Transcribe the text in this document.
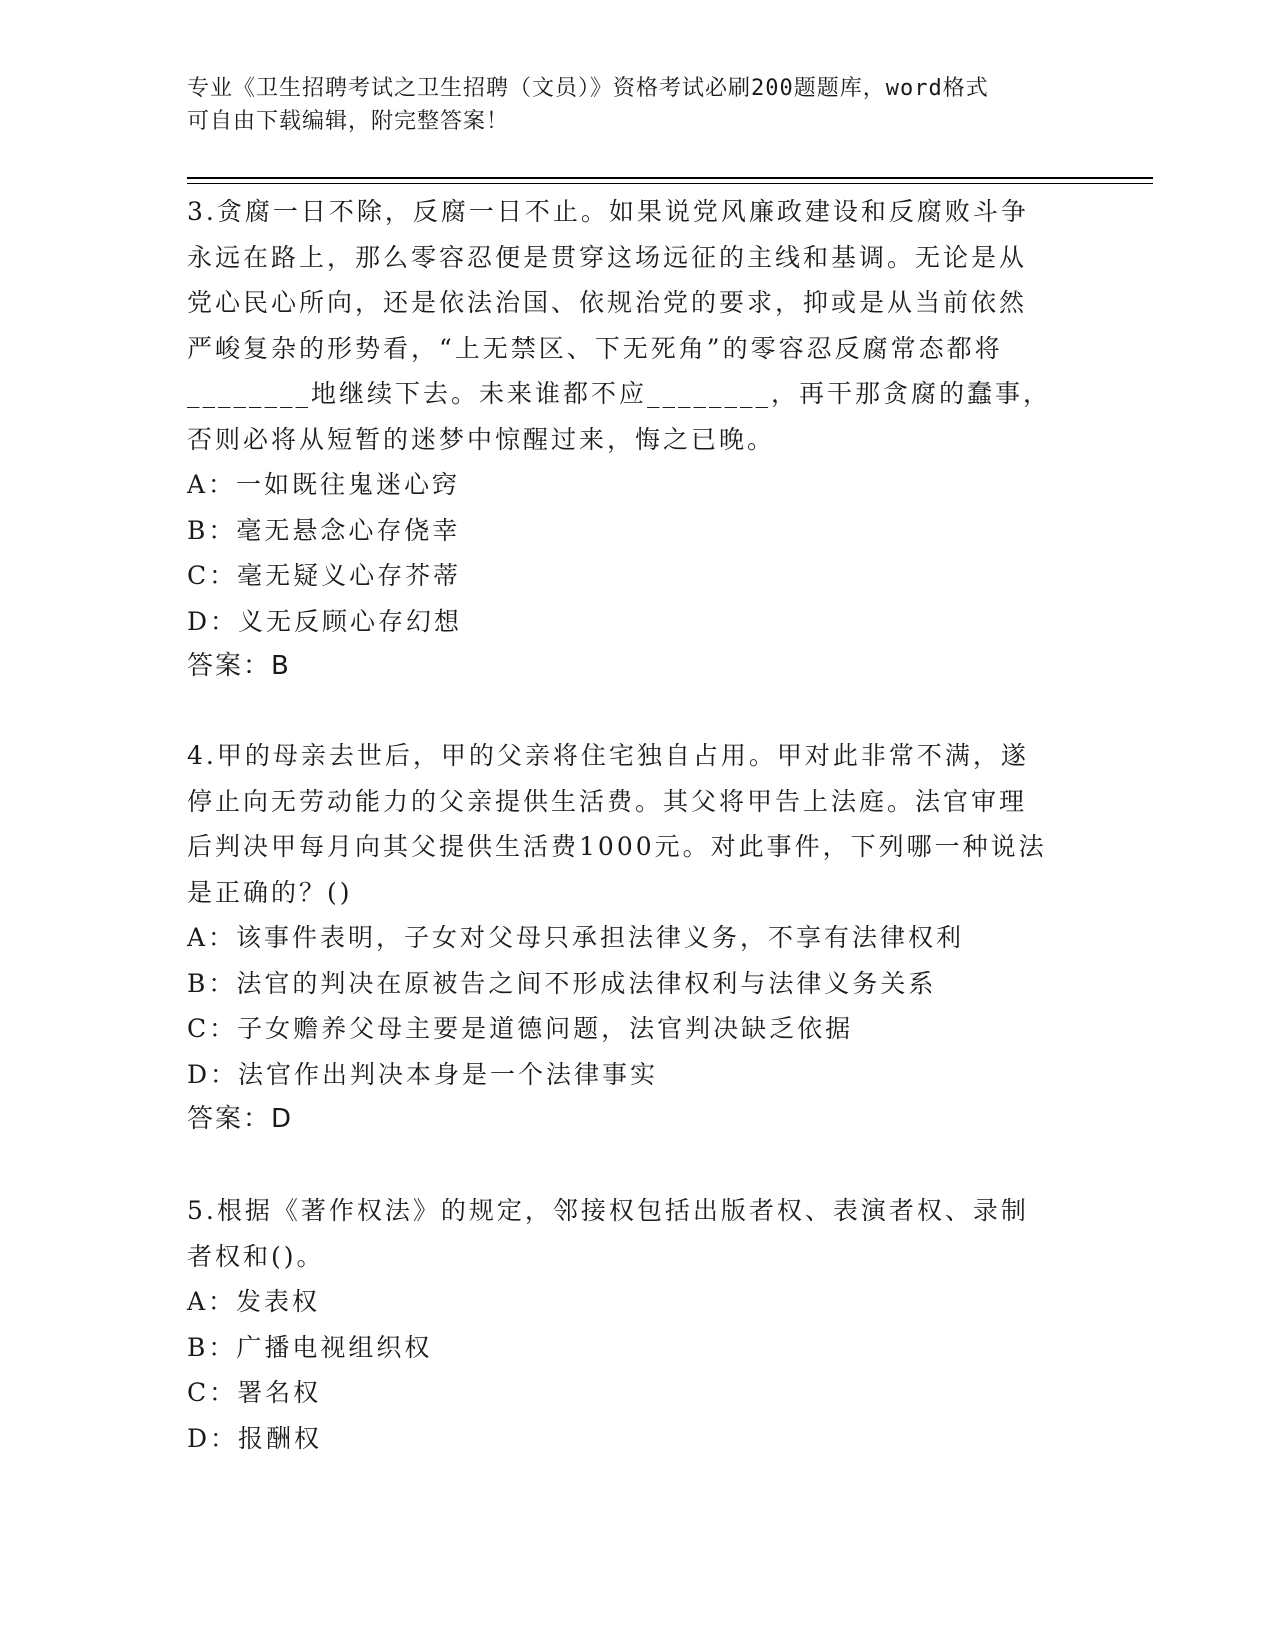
专业《卫生招聘考试之卫生招聘（文员）》资格考试必刷200题题库，word格式
可自由下载编辑，附完整答案！
3.贪腐一日不除，反腐一日不止。如果说党风廉政建设和反腐败斗争
永远在路上，那么零容忍便是贯穿这场远征的主线和基调。无论是从
党心民心所向，还是依法治国、依规治党的要求，抑或是从当前依然
严峻复杂的形势看，“上无禁区、下无死角”的零容忍反腐常态都将
________地继续下去。未来谁都不应________，再干那贪腐的蠢事，
否则必将从短暂的迷梦中惊醒过来，悔之已晚。
A：一如既往鬼迷心窍
B：毫无悬念心存侥幸
C：毫无疑义心存芥蒂
D：义无反顾心存幻想
答案：B
4.甲的母亲去世后，甲的父亲将住宅独自占用。甲对此非常不满，遂
停止向无劳动能力的父亲提供生活费。其父将甲告上法庭。法官审理
后判决甲每月向其父提供生活费1000元。对此事件，下列哪一种说法
是正确的？()
A：该事件表明，子女对父母只承担法律义务，不享有法律权利
B：法官的判决在原被告之间不形成法律权利与法律义务关系
C：子女赡养父母主要是道德问题，法官判决缺乏依据
D：法官作出判决本身是一个法律事实
答案：D
5.根据《著作权法》的规定，邻接权包括出版者权、表演者权、录制
者权和()。
A：发表权
B：广播电视组织权
C：署名权
D：报酬权
